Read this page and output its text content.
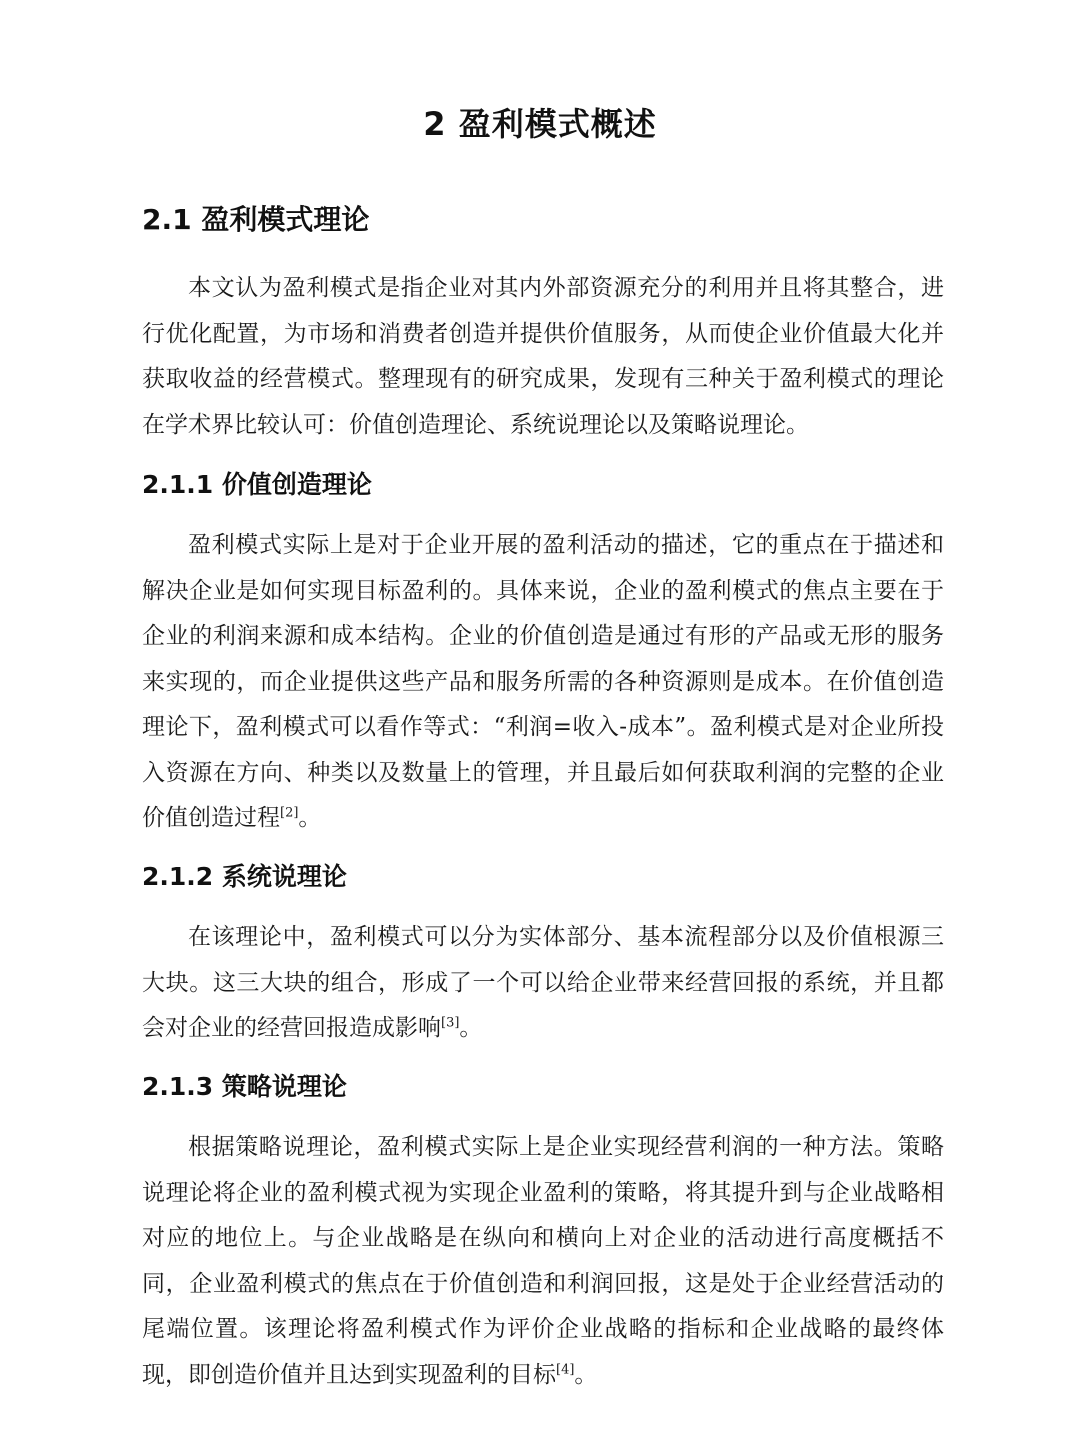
2 盈利模式概述
2.1 盈利模式理论

本文认为盈利模式是指企业对其内外部资源充分的利用并且将其整合，进行优化配置，为市场和消费者创造并提供价值服务，从而使企业价值最大化并获取收益的经营模式。整理现有的研究成果，发现有三种关于盈利模式的理论在学术界比较认可：价值创造理论、系统说理论以及策略说理论。

2.1.1 价值创造理论

盈利模式实际上是对于企业开展的盈利活动的描述，它的重点在于描述和解决企业是如何实现目标盈利的。具体来说，企业的盈利模式的焦点主要在于企业的利润来源和成本结构。企业的价值创造是通过有形的产品或无形的服务来实现的，而企业提供这些产品和服务所需的各种资源则是成本。在价值创造理论下，盈利模式可以看作等式：“利润=收入-成本”。盈利模式是对企业所投入资源在方向、种类以及数量上的管理，并且最后如何获取利润的完整的企业价值创造过程[2]。

2.1.2 系统说理论

在该理论中，盈利模式可以分为实体部分、基本流程部分以及价值根源三大块。这三大块的组合，形成了一个可以给企业带来经营回报的系统，并且都会对企业的经营回报造成影响[3]。

2.1.3 策略说理论

根据策略说理论，盈利模式实际上是企业实现经营利润的一种方法。策略说理论将企业的盈利模式视为实现企业盈利的策略，将其提升到与企业战略相对应的地位上。与企业战略是在纵向和横向上对企业的活动进行高度概括不同，企业盈利模式的焦点在于价值创造和利润回报，这是处于企业经营活动的尾端位置。该理论将盈利模式作为评价企业战略的指标和企业战略的最终体现，即创造价值并且达到实现盈利的目标[4]。
